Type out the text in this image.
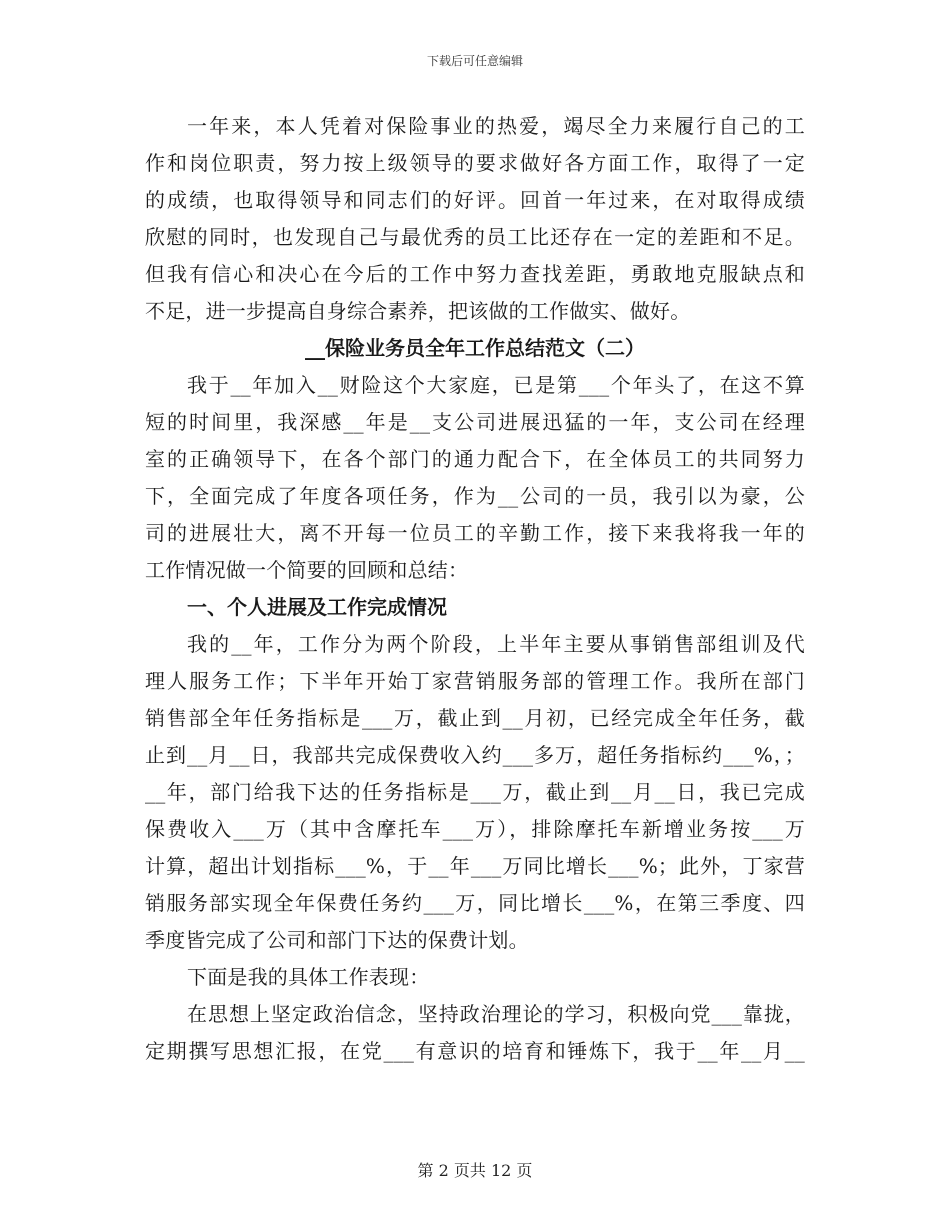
下载后可任意编辑
一年来，本人凭着对保险事业的热爱，竭尽全力来履行自己的工
作和岗位职责，努力按上级领导的要求做好各方面工作，取得了一定
的成绩，也取得领导和同志们的好评。回首一年过来，在对取得成绩
欣慰的同时，也发现自己与最优秀的员工比还存在一定的差距和不足。
但我有信心和决心在今后的工作中努力查找差距，勇敢地克服缺点和
不足，进一步提高自身综合素养，把该做的工作做实、做好。
__保险业务员全年工作总结范文（二）
我于__年加入__财险这个大家庭，已是第___个年头了，在这不算
短的时间里，我深感__年是__支公司进展迅猛的一年，支公司在经理
室的正确领导下，在各个部门的通力配合下，在全体员工的共同努力
下，全面完成了年度各项任务，作为__公司的一员，我引以为豪，公
司的进展壮大，离不开每一位员工的辛勤工作，接下来我将我一年的
工作情况做一个简要的回顾和总结：
一、个人进展及工作完成情况
我的__年，工作分为两个阶段，上半年主要从事销售部组训及代
理人服务工作；下半年开始丁家营销服务部的管理工作。我所在部门
销售部全年任务指标是___万，截止到__月初，已经完成全年任务，截
止到__月__日，我部共完成保费收入约___多万，超任务指标约___%，；
__年，部门给我下达的任务指标是___万，截止到__月__日，我已完成
保费收入___万（其中含摩托车___万），排除摩托车新增业务按___万
计算，超出计划指标___%，于__年___万同比增长___%；此外，丁家营
销服务部实现全年保费任务约___万，同比增长___%，在第三季度、四
季度皆完成了公司和部门下达的保费计划。
下面是我的具体工作表现：
在思想上坚定政治信念，坚持政治理论的学习，积极向党___靠拢，
定期撰写思想汇报，在党___有意识的培育和锤炼下，我于__年__月__
第 2 页共 12 页
